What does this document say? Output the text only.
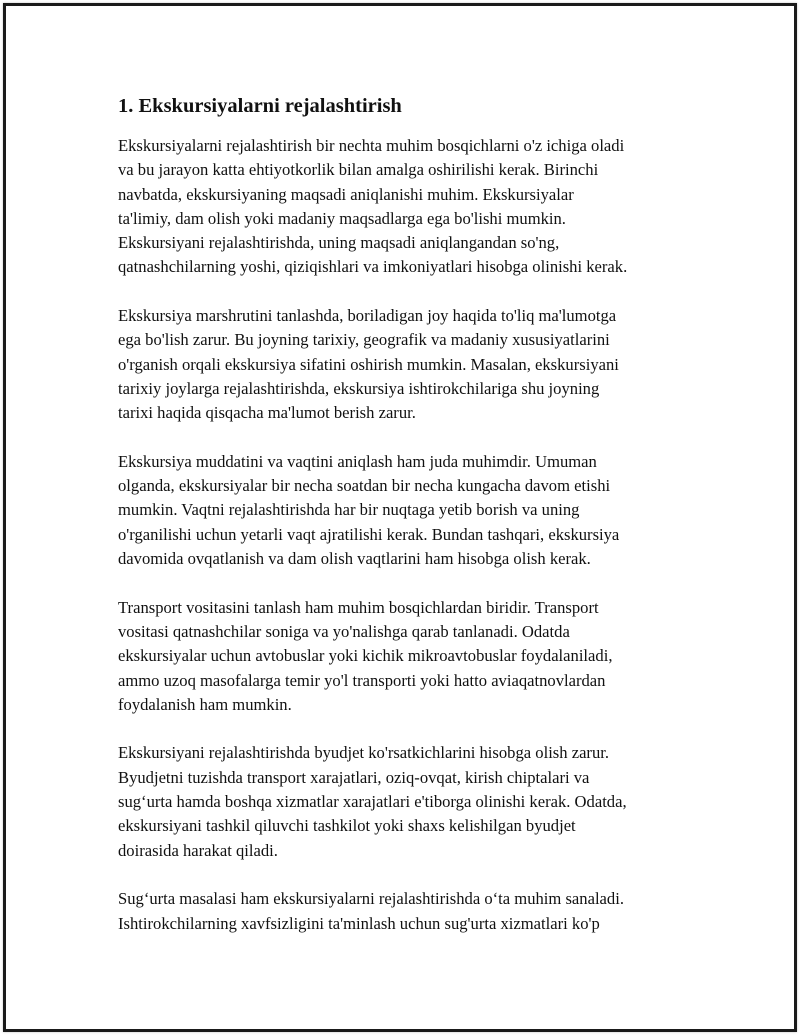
1. Ekskursiyalarni rejalashtirish

Ekskursiyalarni rejalashtirish bir nechta muhim bosqichlarni o'z ichiga oladi
va bu jarayon katta ehtiyotkorlik bilan amalga oshirilishi kerak. Birinchi
navbatda, ekskursiyaning maqsadi aniqlanishi muhim. Ekskursiyalar
ta'limiy, dam olish yoki madaniy maqsadlarga ega bo'lishi mumkin.
Ekskursiyani rejalashtirishda, uning maqsadi aniqlangandan so'ng,
qatnashchilarning yoshi, qiziqishlari va imkoniyatlari hisobga olinishi kerak.

Ekskursiya marshrutini tanlashda, boriladigan joy haqida to'liq ma'lumotga
ega bo'lish zarur. Bu joyning tarixiy, geografik va madaniy xususiyatlarini
o'rganish orqali ekskursiya sifatini oshirish mumkin. Masalan, ekskursiyani
tarixiy joylarga rejalashtirishda, ekskursiya ishtirokchilariga shu joyning
tarixi haqida qisqacha ma'lumot berish zarur.

Ekskursiya muddatini va vaqtini aniqlash ham juda muhimdir. Umuman
olganda, ekskursiyalar bir necha soatdan bir necha kungacha davom etishi
mumkin. Vaqtni rejalashtirishda har bir nuqtaga yetib borish va uning
o'rganilishi uchun yetarli vaqt ajratilishi kerak. Bundan tashqari, ekskursiya
davomida ovqatlanish va dam olish vaqtlarini ham hisobga olish kerak.

Transport vositasini tanlash ham muhim bosqichlardan biridir. Transport
vositasi qatnashchilar soniga va yo'nalishga qarab tanlanadi. Odatda
ekskursiyalar uchun avtobuslar yoki kichik mikroavtobuslar foydalaniladi,
ammo uzoq masofalarga temir yo'l transporti yoki hatto aviaqatnovlardan
foydalanish ham mumkin.

Ekskursiyani rejalashtirishda byudjet ko'rsatkichlarini hisobga olish zarur.
Byudjetni tuzishda transport xarajatlari, oziq-ovqat, kirish chiptalari va
sug‘urta hamda boshqa xizmatlar xarajatlari e'tiborga olinishi kerak. Odatda,
ekskursiyani tashkil qiluvchi tashkilot yoki shaxs kelishilgan byudjet
doirasida harakat qiladi.

Sug‘urta masalasi ham ekskursiyalarni rejalashtirishda o‘ta muhim sanaladi.
Ishtirokchilarning xavfsizligini ta'minlash uchun sug'urta xizmatlari ko'p
